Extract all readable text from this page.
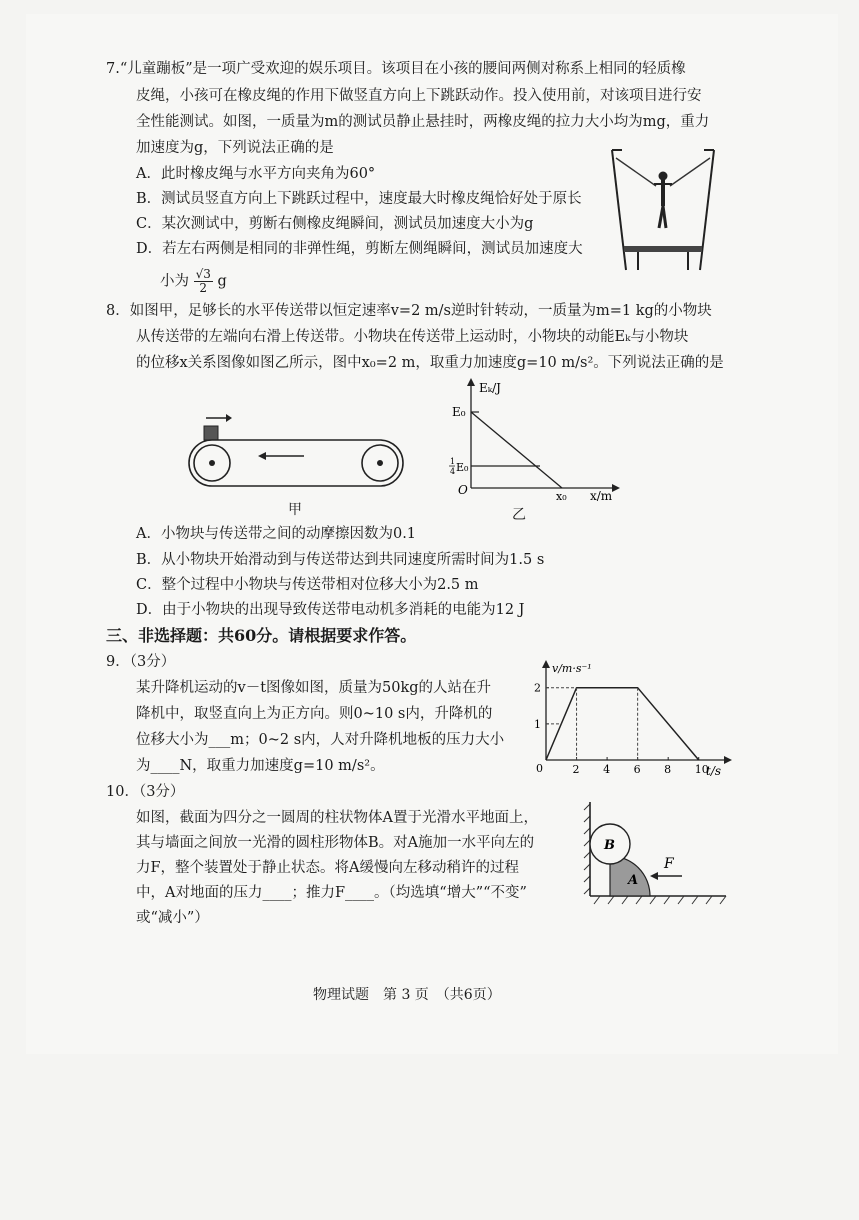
7.“儿童蹦板”是一项广受欢迎的娱乐项目。该项目在小孩的腰间两侧对称系上相同的轻质橡
皮绳，小孩可在橡皮绳的作用下做竖直方向上下跳跃动作。投入使用前，对该项目进行安
全性能测试。如图，一质量为m的测试员静止悬挂时，两橡皮绳的拉力大小均为mg，重力
加速度为g，下列说法正确的是
A．此时橡皮绳与水平方向夹角为60°
B．测试员竖直方向上下跳跃过程中，速度最大时橡皮绳恰好处于原长
C．某次测试中，剪断右侧橡皮绳瞬间，测试员加速度大小为g
D．若左右两侧是相同的非弹性绳，剪断左侧绳瞬间，测试员加速度大
小为 $\frac{√3}{2}$ g
8．如图甲，足够长的水平传送带以恒定速率v=2 m/s逆时针转动，一质量为m=1 kg的小物块
从传送带的左端向右滑上传送带。小物块在传送带上运动时，小物块的动能Eₖ与小物块
的位移x关系图像如图乙所示，图中x₀=2 m，取重力加速度g=10 m/s²。下列说法正确的是
甲
Eₖ/J
E₀
1
4 E₀
O	x₀ x/m
乙
A．小物块与传送带之间的动摩擦因数为0.1
B．从小物块开始滑动到与传送带达到共同速度所需时间为1.5 s
C．整个过程中小物块与传送带相对位移大小为2.5 m
D．由于小物块的出现导致传送带电动机多消耗的电能为12 J
三、非选择题：共60分。请根据要求作答。
9．（3分）
某升降机运动的v－t图像如图，质量为50kg的人站在升
降机中，取竖直向上为正方向。则0~10 s内，升降机的
位移大小为___m；0~2 s内，人对升降机地板的压力大小
为____N，取重力加速度g=10 m/s²。
v/m·s⁻¹
t/s
0	2 4 6 8 10
1
2
10．（3分）
如图，截面为四分之一圆周的柱状物体A置于光滑水平地面上，
其与墙面之间放一光滑的圆柱形物体B。对A施加一水平向左的
力F，整个装置处于静止状态。将A缓慢向左移动稍许的过程
中，A对地面的压力____；推力F____。（均选填“增大”“不变”
或“减小”）
B
A
F
物理试题　第 3 页　（共6页）
